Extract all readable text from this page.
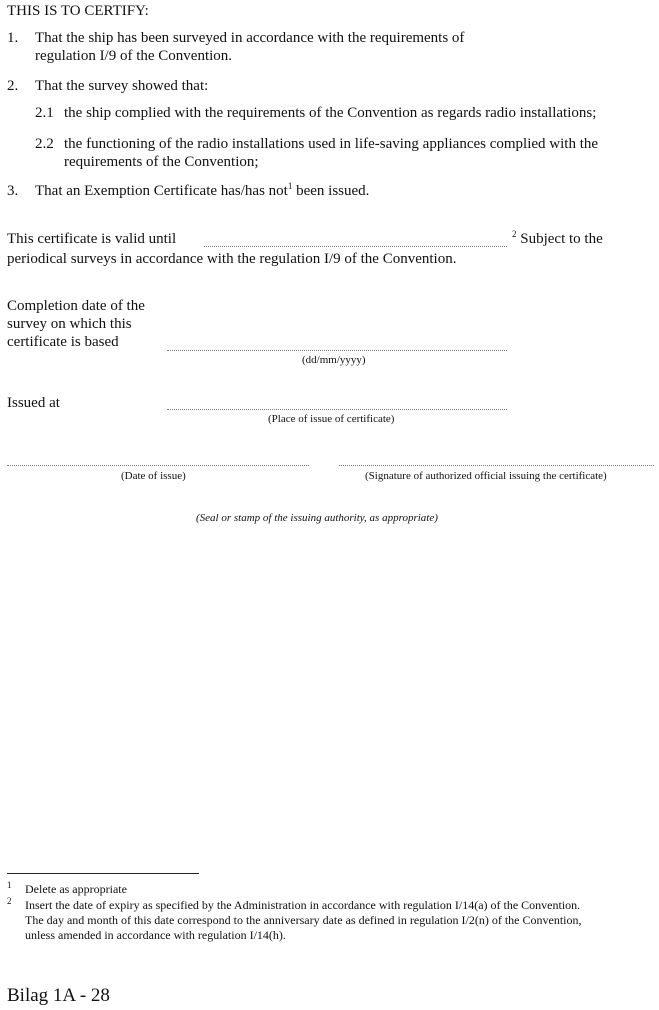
THIS IS TO CERTIFY:
1. That the ship has been surveyed in accordance with the requirements of
regulation I/9 of the Convention.
2. That the survey showed that:
2.1 the ship complied with the requirements of the Convention as regards radio installations;
2.2 the functioning of the radio installations used in life-saving appliances complied with the
requirements of the Convention;
3. That an Exemption Certificate has/has not$^1$ been issued.
This certificate is valid until	$^2$ Subject to the
periodical surveys in accordance with the regulation I/9 of the Convention.
Completion date of the
survey on which this
certificate is based
(dd/mm/yyyy)
Issued at
(Place of issue of certificate)
(Date of issue)	(Signature of authorized official issuing the certificate)
(Seal or stamp of the issuing authority, as appropriate)
1 Delete as appropriate
2 Insert the date of expiry as specified by the Administration in accordance with regulation I/14(a) of the Convention.
The day and month of this date correspond to the anniversary date as defined in regulation I/2(n) of the Convention,
unless amended in accordance with regulation I/14(h).
Bilag 1A - 28
